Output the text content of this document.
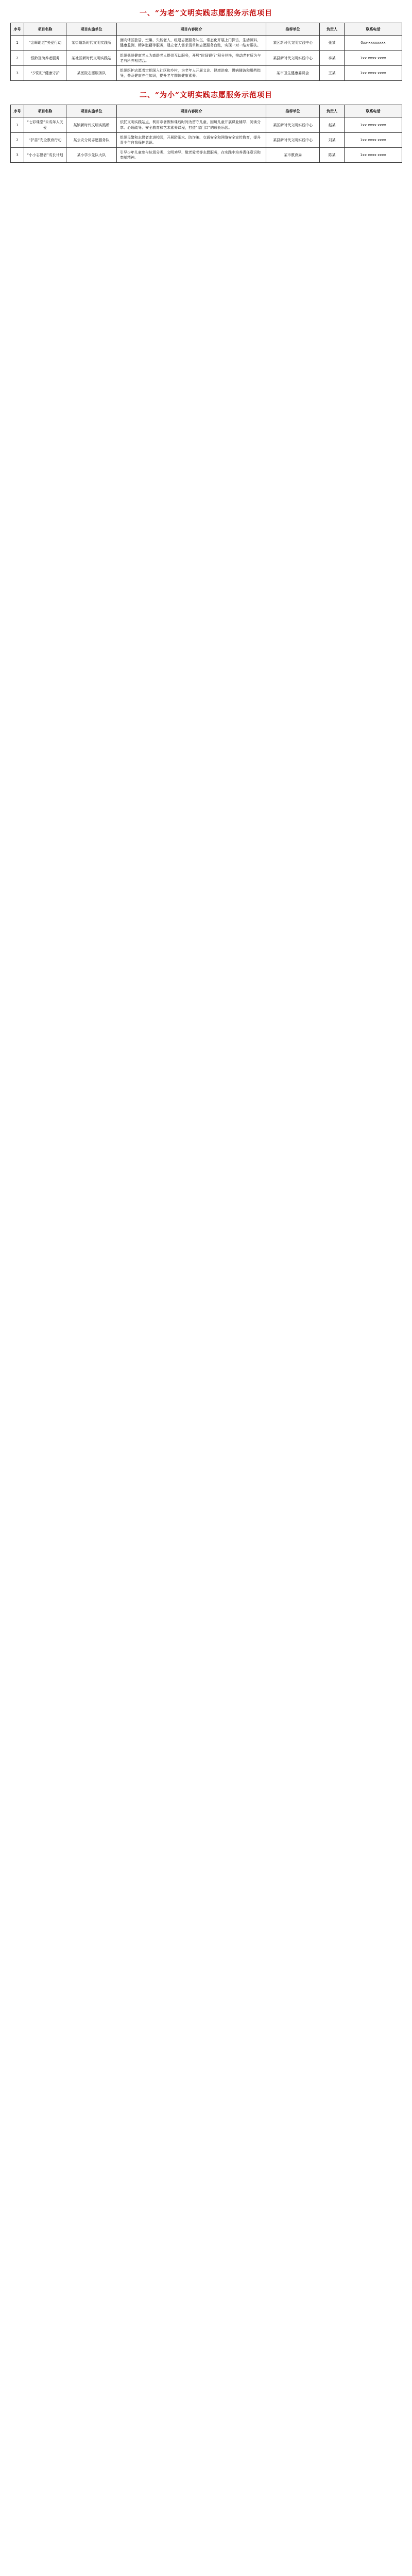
一、“为老”文明实践志愿服务示范项目
序号	项目名称	项目实施单位	项目内容简介	推荐单位	负责人	联系电话
1	“金晖助老”关爱行动	某街道新时代文明实践所	面向辖区独居、空巢、失能老人，组建志愿服务队伍，常态化开展上门探访、生活照料、健康监测、精神慰藉等服务，建立老人需求清单和志愿服务台账，实现一对一结对帮扶。	某区新时代文明实践中心	张某	0xx-xxxxxxxx
2	银龄互助养老服务	某社区新时代文明实践站	组织低龄健康老人为高龄老人提供互助服务，开展“时间银行”积分兑换，推动老有所为与老有所养相结合。	某县新时代文明实践中心	李某	1xx xxxx xxxx
3	“夕阳红”健康守护	某医院志愿服务队	组织医护志愿者定期深入社区和乡村，为老年人开展义诊、健康讲座、慢病随访和用药指导，普及健康养生知识，提升老年群体健康素养。	某市卫生健康委员会	王某	1xx xxxx xxxx
二、“为小”文明实践志愿服务示范项目
序号	项目名称	项目实施单位	项目内容简介	推荐单位	负责人	联系电话
1	“七彩课堂”未成年人关爱	某镇新时代文明实践所	依托文明实践站点，利用寒暑假和课后时间为留守儿童、困境儿童开展课业辅导、阅读分享、心理疏导、安全教育和艺术素养课程，打造“家门口”的成长乐园。	某区新时代文明实践中心	赵某	1xx xxxx xxxx
2	“护苗”安全教育行动	某公安分局志愿服务队	组织民警和志愿者走进校园，开展防溺水、防诈骗、交通安全和网络安全宣传教育，提升青少年自我保护意识。	某县新时代文明实践中心	刘某	1xx xxxx xxxx
3	“小小志愿者”成长计划	某小学少先队大队	引导少年儿童参与垃圾分类、文明劝导、敬老爱老等志愿服务，在实践中培养责任意识和奉献精神。	某市教育局	陈某	1xx xxxx xxxx
